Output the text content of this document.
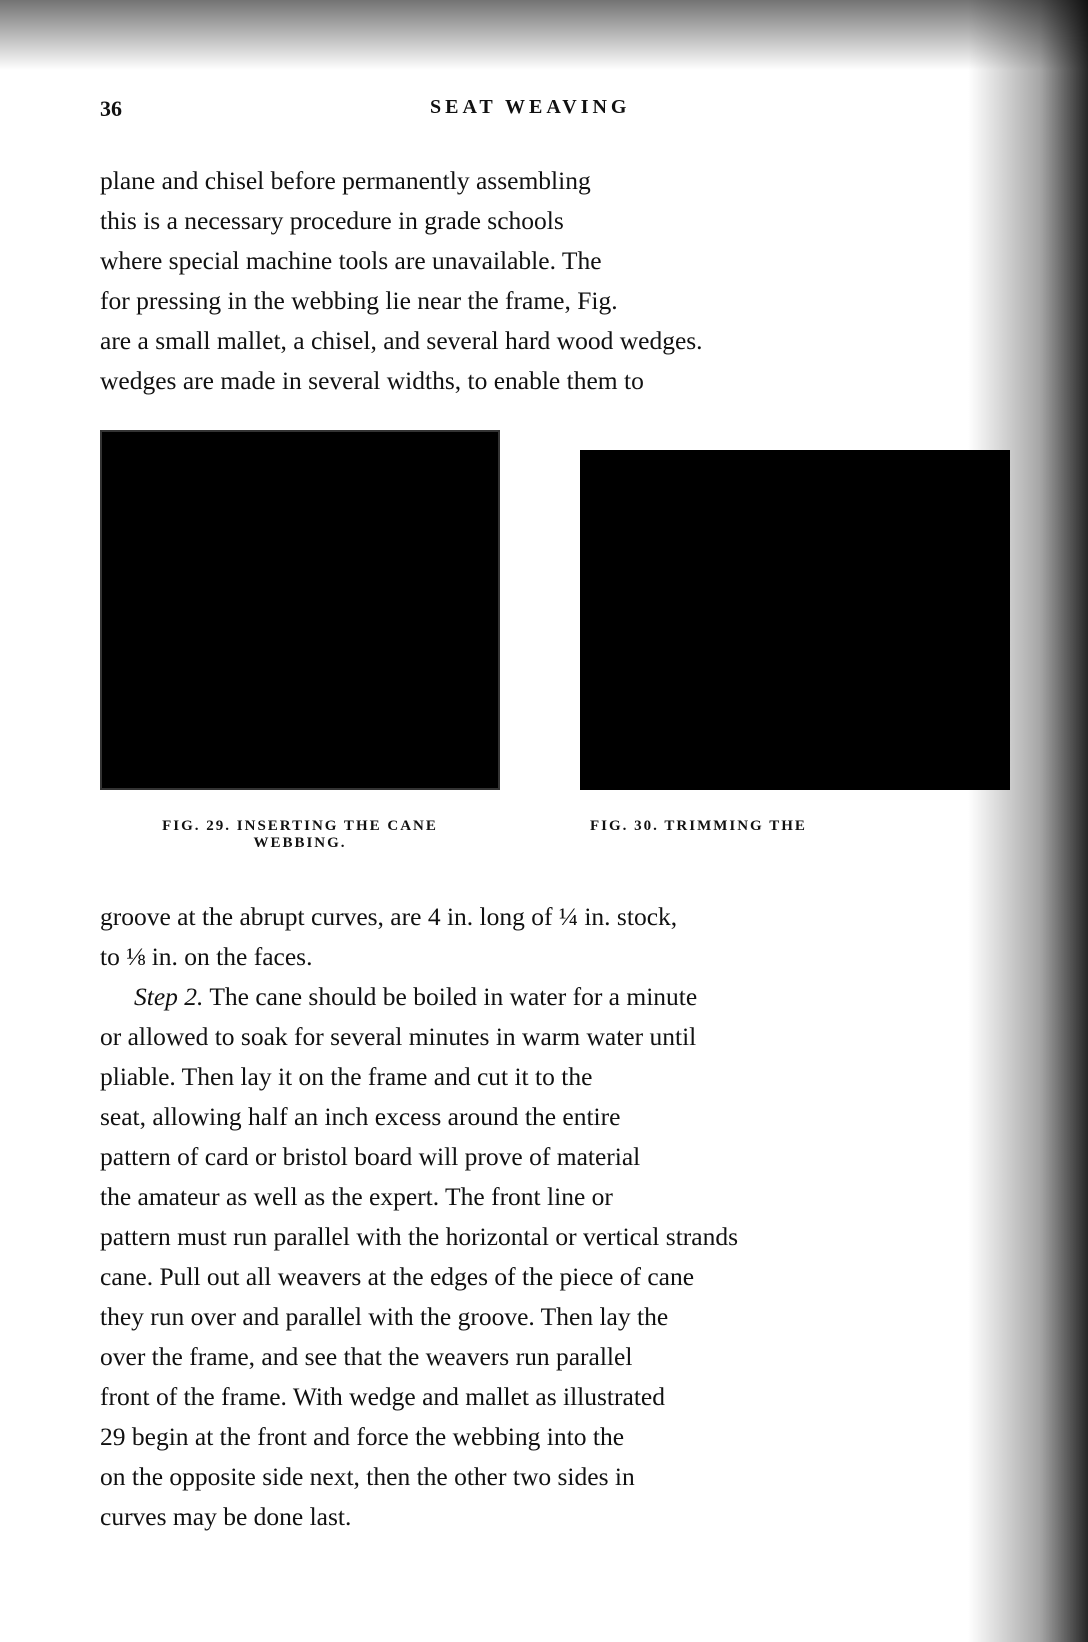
36	SEAT WEAVING

plane and chisel before permanently assembling
this is a necessary procedure in grade schools
where special machine tools are unavailable. The
for pressing in the webbing lie near the frame, Fig.
are a small mallet, a chisel, and several hard wood wedges.
wedges are made in several widths, to enable them to

FIG. 29. INSERTING THE CANE
WEBBING.
FIG. 30. TRIMMING THE

groove at the abrupt curves, are 4 in. long of ¼ in. stock,
to ⅛ in. on the faces.

Step 2. The cane should be boiled in water for a minute
or allowed to soak for several minutes in warm water until
pliable. Then lay it on the frame and cut it to the
seat, allowing half an inch excess around the entire
pattern of card or bristol board will prove of material
the amateur as well as the expert. The front line or
pattern must run parallel with the horizontal or vertical strands
cane. Pull out all weavers at the edges of the piece of cane
they run over and parallel with the groove. Then lay the
over the frame, and see that the weavers run parallel
front of the frame. With wedge and mallet as illustrated
29 begin at the front and force the webbing into the
on the opposite side next, then the other two sides in
curves may be done last.
